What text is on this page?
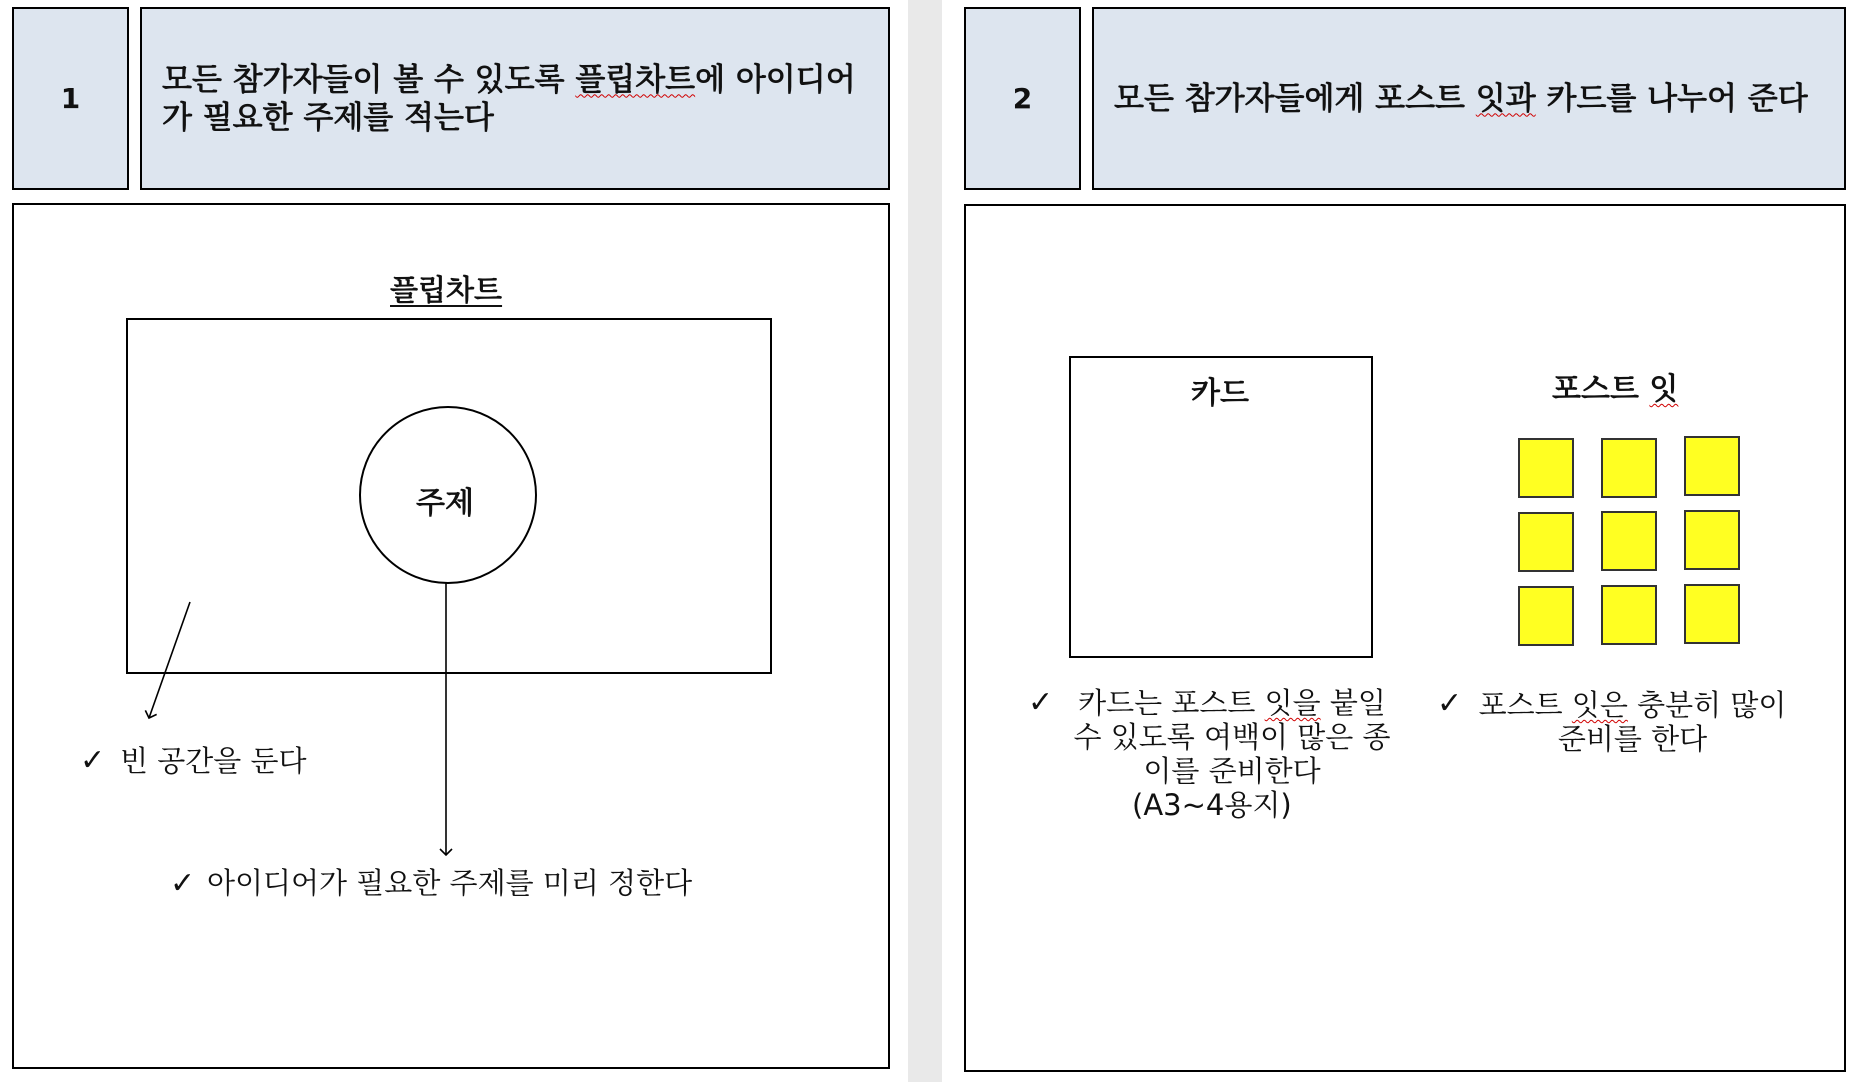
1
모든 참가자들이 볼 수 있도록 플립차트에 아이디어
가 필요한 주제를 적는다
플립차트
주제
✓ 빈 공간을 둔다
✓ 아이디어가 필요한 주제를 미리 정한다
2	모든 참가자들에게 포스트 잇과 카드를 나누어 준다
카드	포스트 잇
✓ 카드는 포스트 잇을 붙일
수 있도록 여백이 많은 종
이를 준비한다
(A3~4용지)
✓ 포스트 잇은 충분히 많이
준비를 한다
